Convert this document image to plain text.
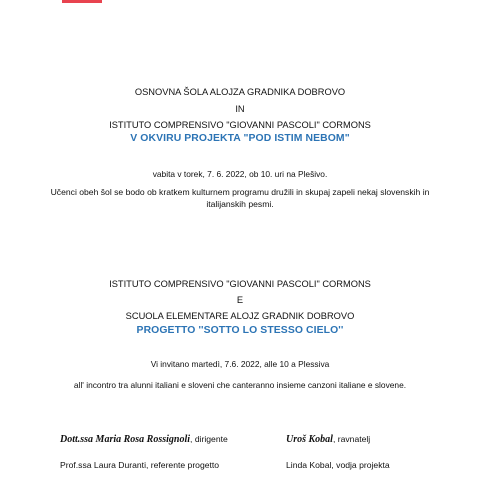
OSNOVNA ŠOLA ALOJZA GRADNIKA DOBROVO
IN
ISTITUTO COMPRENSIVO "GIOVANNI PASCOLI" CORMONS
V OKVIRU PROJEKTA "POD ISTIM NEBOM"
vabita v torek, 7. 6. 2022, ob 10. uri na Plešivo.
Učenci obeh šol se bodo ob kratkem kulturnem programu družili in skupaj zapeli nekaj slovenskih in italijanskih pesmi.
ISTITUTO COMPRENSIVO "GIOVANNI PASCOLI" CORMONS
E
SCUOLA ELEMENTARE ALOJZ GRADNIK DOBROVO
PROGETTO ''SOTTO LO STESSO CIELO''
Vi invitano martedì, 7.6. 2022, alle 10 a Plessiva
all' incontro tra alunni italiani e sloveni che canteranno insieme canzoni italiane e slovene.
Dott.ssa Maria Rosa Rossignoli, dirigente
Prof.ssa Laura Duranti, referente progetto
Uroš Kobal, ravnatelj
Linda Kobal, vodja projekta
